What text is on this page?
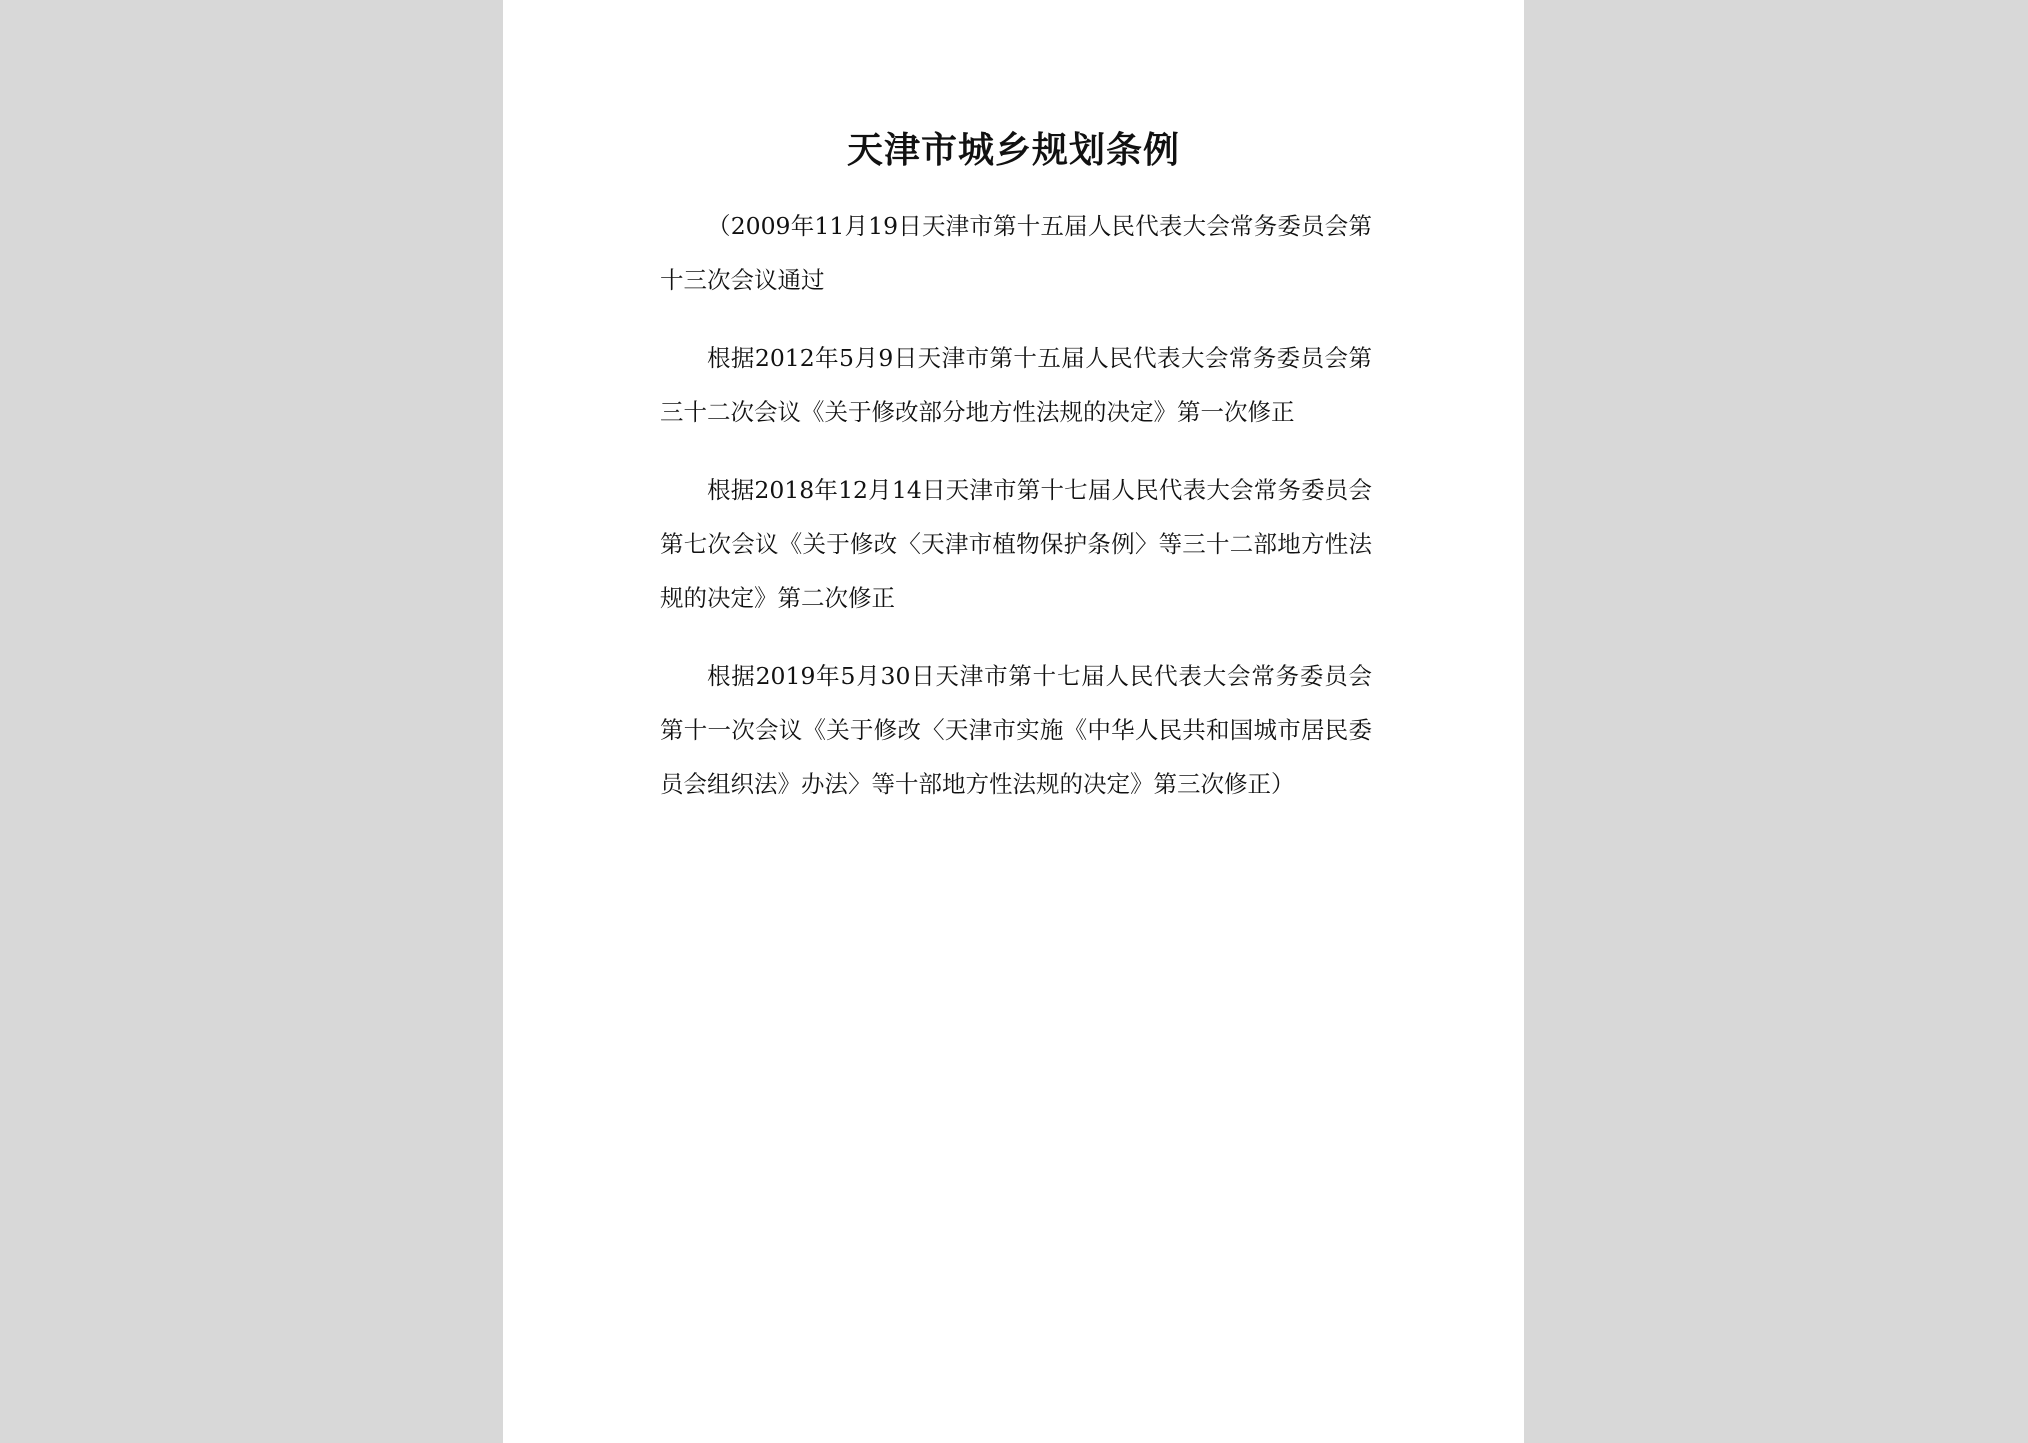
天津市城乡规划条例

（2009年11月19日天津市第十五届人民代表大会常务委员会第十三次会议通过

根据2012年5月9日天津市第十五届人民代表大会常务委员会第三十二次会议《关于修改部分地方性法规的决定》第一次修正

根据2018年12月14日天津市第十七届人民代表大会常务委员会第七次会议《关于修改〈天津市植物保护条例〉等三十二部地方性法规的决定》第二次修正

根据2019年5月30日天津市第十七届人民代表大会常务委员会第十一次会议《关于修改〈天津市实施《中华人民共和国城市居民委员会组织法》办法〉等十部地方性法规的决定》第三次修正）
